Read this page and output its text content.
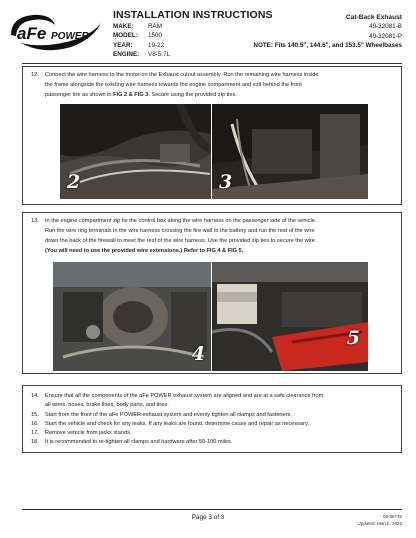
aFe POWER
INSTALLATION INSTRUCTIONS
MAKE:	RAM
MODEL:	1500
YEAR:	19-22
ENGINE:	V8-5.7L
Cat-Back Exhaust
49-32081-B
49-32081-P
NOTE: Fits 140.5", 144.6", and 153.5" Wheelbases
12.	Connect the wire harness to the motor on the Exhaust cutout assembly. Run the remaining wire harness inside
the frame alongside the existing wire harness towards the engine compartment and exit behind the front
passenger tire as shown in FIG 2 & FIG 3. Secure using the provided zip ties.
2	3
13.	In the engine compartment zip tie the control box along the wire harness on the passenger side of the vehicle.
Run the wire ring terminals in the wire harness crossing the fire wall to the battery and run the rest of the wire
down the back of the firewall to meet the rest of the wire harness. Use the provided zip ties to secure the wire.
(You will need to use the provided wire extensions.) Refer to FIG 4 & FIG 5.
4
5
14. Ensure that all the components of the aFe POWER exhaust system are aligned and are at a safe clearance from
all wires, hoses, brake lines, body parts, and tires.
15. Start from the front of the aFe POWER exhaust system and evenly tighten all clamps and fasteners.
16. Start the vehicle and check for any leaks. If any leaks are found, determine cause and repair as necessary.
17. Remove vehicle from jacks stands.
18. It is recommended to re-tighten all clamps and hardware after 50-100 miles.
Page 3 of 3	06-86735
Updated: March, 2022
